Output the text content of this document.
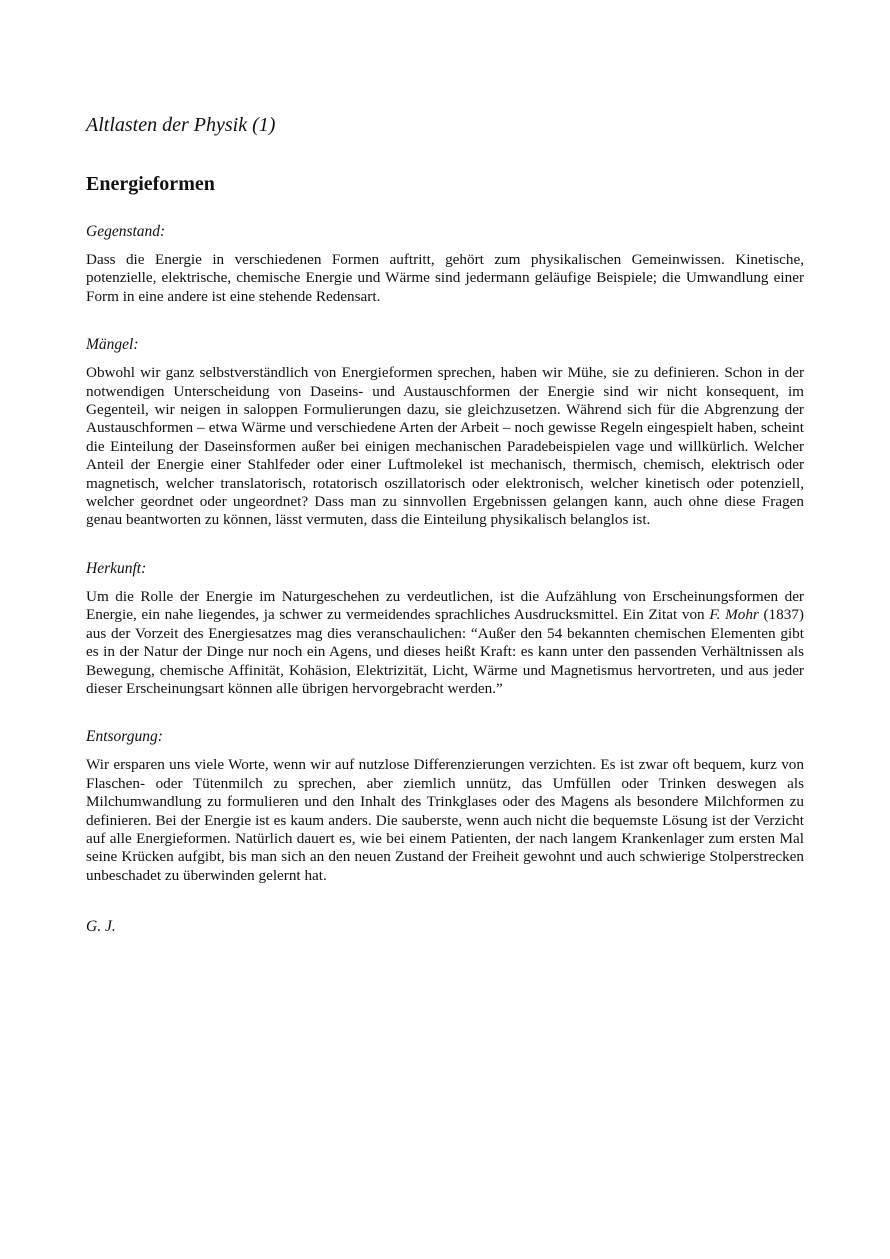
Altlasten der Physik (1)

Energieformen

Gegenstand:

Dass die Energie in verschiedenen Formen auftritt, gehört zum physikalischen Gemeinwissen. Kinetische, potenzielle, elektrische, chemische Energie und Wärme sind jedermann geläufige Beispiele; die Umwandlung einer Form in eine andere ist eine stehende Redensart.

Mängel:

Obwohl wir ganz selbstverständlich von Energieformen sprechen, haben wir Mühe, sie zu definieren. Schon in der notwendigen Unterscheidung von Daseins- und Austauschformen der Energie sind wir nicht konsequent, im Gegenteil, wir neigen in saloppen Formulierungen dazu, sie gleichzusetzen. Während sich für die Abgrenzung der Austauschformen – etwa Wärme und verschiedene Arten der Arbeit – noch gewisse Regeln eingespielt haben, scheint die Einteilung der Daseinsformen außer bei einigen mechanischen Paradebeispielen vage und willkürlich. Welcher Anteil der Energie einer Stahlfeder oder einer Luftmolekel ist mechanisch, thermisch, chemisch, elektrisch oder magnetisch, welcher translatorisch, rotatorisch oszillatorisch oder elektronisch, welcher kinetisch oder potenziell, welcher geordnet oder ungeordnet? Dass man zu sinnvollen Ergebnissen gelangen kann, auch ohne diese Fragen genau beantworten zu können, lässt vermuten, dass die Einteilung physikalisch belanglos ist.

Herkunft:

Um die Rolle der Energie im Naturgeschehen zu verdeutlichen, ist die Aufzählung von Erscheinungsformen der Energie, ein nahe liegendes, ja schwer zu vermeidendes sprachliches Ausdrucksmittel. Ein Zitat von F. Mohr (1837) aus der Vorzeit des Energiesatzes mag dies veranschaulichen: “Außer den 54 bekannten chemischen Elementen gibt es in der Natur der Dinge nur noch ein Agens, und dieses heißt Kraft: es kann unter den passenden Verhältnissen als Bewegung, chemische Affinität, Kohäsion, Elektrizität, Licht, Wärme und Magnetismus hervortreten, und aus jeder dieser Erscheinungsart können alle übrigen hervorgebracht werden.”

Entsorgung:

Wir ersparen uns viele Worte, wenn wir auf nutzlose Differenzierungen verzichten. Es ist zwar oft bequem, kurz von Flaschen- oder Tütenmilch zu sprechen, aber ziemlich unnütz, das Umfüllen oder Trinken deswegen als Milchumwandlung zu formulieren und den Inhalt des Trinkglases oder des Magens als besondere Milchformen zu definieren. Bei der Energie ist es kaum anders. Die sauberste, wenn auch nicht die bequemste Lösung ist der Verzicht auf alle Energieformen. Natürlich dauert es, wie bei einem Patienten, der nach langem Krankenlager zum ersten Mal seine Krücken aufgibt, bis man sich an den neuen Zustand der Freiheit gewohnt und auch schwierige Stolperstrecken unbeschadet zu überwinden gelernt hat.

G. J.
